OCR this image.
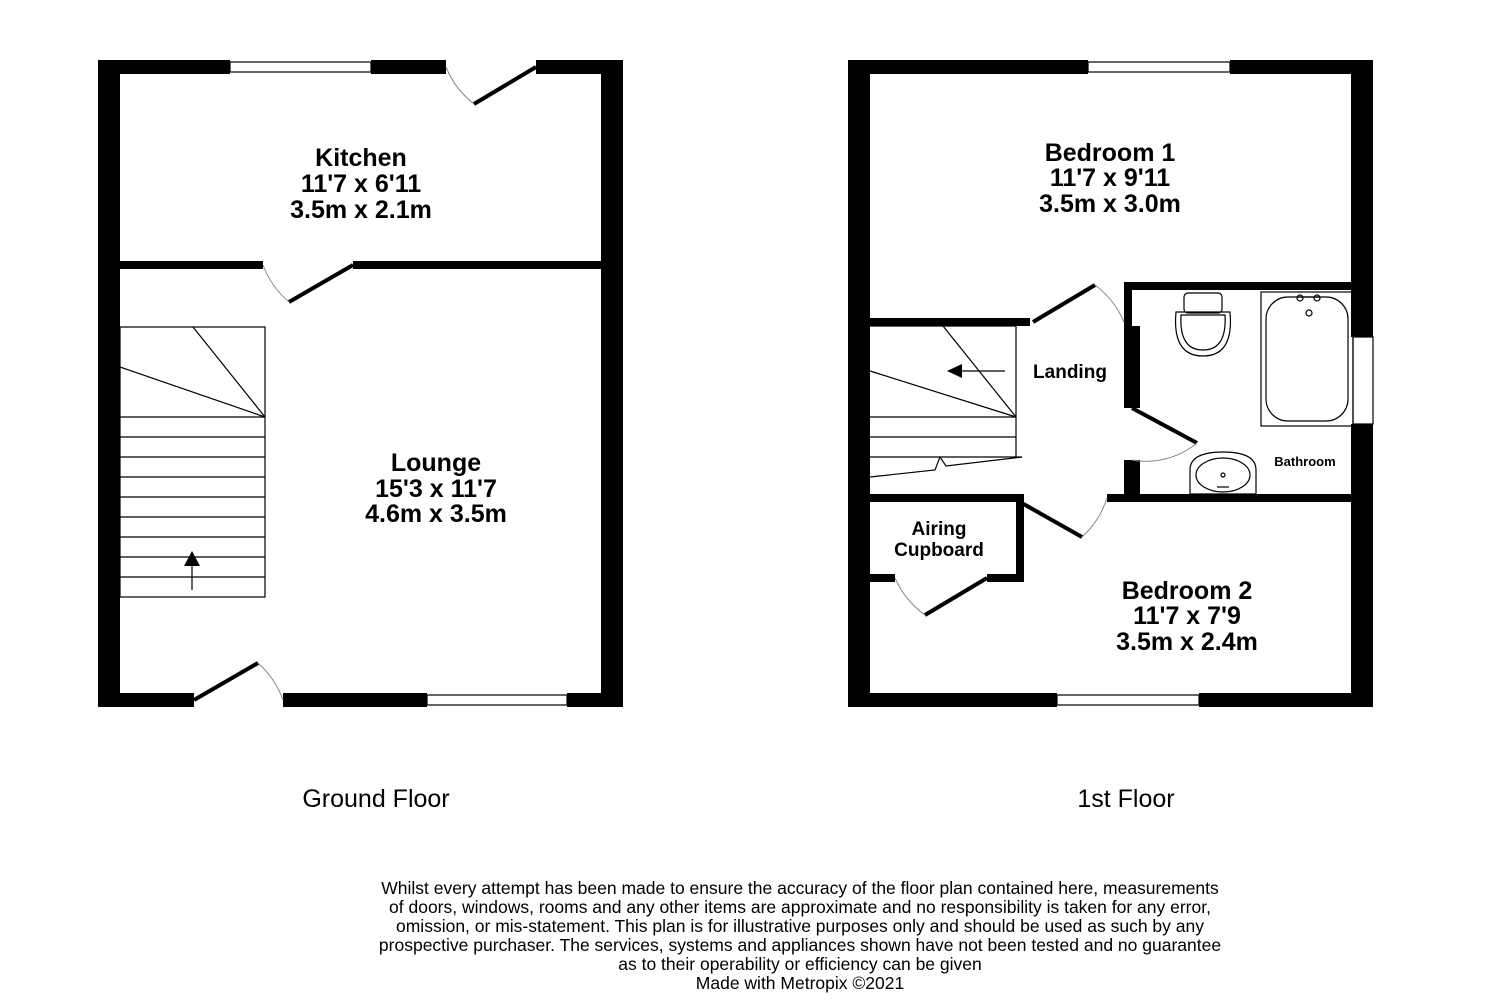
Kitchen
11'7 x 6'11
3.5m x 2.1m
Lounge
15'3 x 11'7
4.6m x 3.5m
Ground Floor
Bedroom 1
11'7 x 9'11
3.5m x 3.0m
Bedroom 2
11'7 x 7'9
3.5m x 2.4m
Landing
Bathroom
Airing
Cupboard
1st Floor
Whilst every attempt has been made to ensure the accuracy of the floor plan contained here, measurements
of doors, windows, rooms and any other items are approximate and no responsibility is taken for any error,
omission, or mis-statement. This plan is for illustrative purposes only and should be used as such by any
prospective purchaser. The services, systems and appliances shown have not been tested and no guarantee
as to their operability or efficiency can be given
Made with Metropix ©2021
